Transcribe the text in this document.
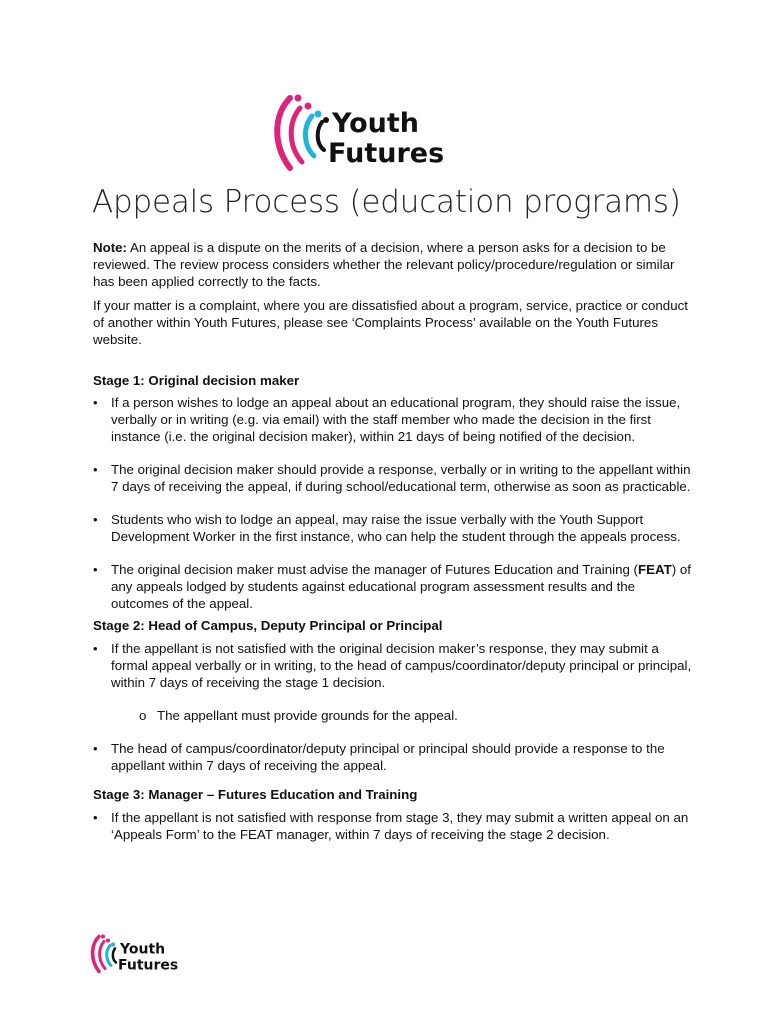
Youth
Futures
Appeals Process (education programs)

Note: An appeal is a dispute on the merits of a decision, where a person asks for a decision to be reviewed. The review process considers whether the relevant policy/procedure/regulation or similar has been applied correctly to the facts.

If your matter is a complaint, where you are dissatisfied about a program, service, practice or conduct of another within Youth Futures, please see ‘Complaints Process’ available on the Youth Futures website.

Stage 1: Original decision maker
• If a person wishes to lodge an appeal about an educational program, they should raise the issue, verbally or in writing (e.g. via email) with the staff member who made the decision in the first instance (i.e. the original decision maker), within 21 days of being notified of the decision.
• The original decision maker should provide a response, verbally or in writing to the appellant within 7 days of receiving the appeal, if during school/educational term, otherwise as soon as practicable.
• Students who wish to lodge an appeal, may raise the issue verbally with the Youth Support Development Worker in the first instance, who can help the student through the appeals process.
• The original decision maker must advise the manager of Futures Education and Training (FEAT) of any appeals lodged by students against educational program assessment results and the outcomes of the appeal.
Stage 2: Head of Campus, Deputy Principal or Principal
• If the appellant is not satisfied with the original decision maker’s response, they may submit a formal appeal verbally or in writing, to the head of campus/coordinator/deputy principal or principal, within 7 days of receiving the stage 1 decision.
o The appellant must provide grounds for the appeal.
• The head of campus/coordinator/deputy principal or principal should provide a response to the appellant within 7 days of receiving the appeal.
Stage 3: Manager – Futures Education and Training
• If the appellant is not satisfied with response from stage 3, they may submit a written appeal on an ‘Appeals Form’ to the FEAT manager, within 7 days of receiving the stage 2 decision.
Youth
Futures
